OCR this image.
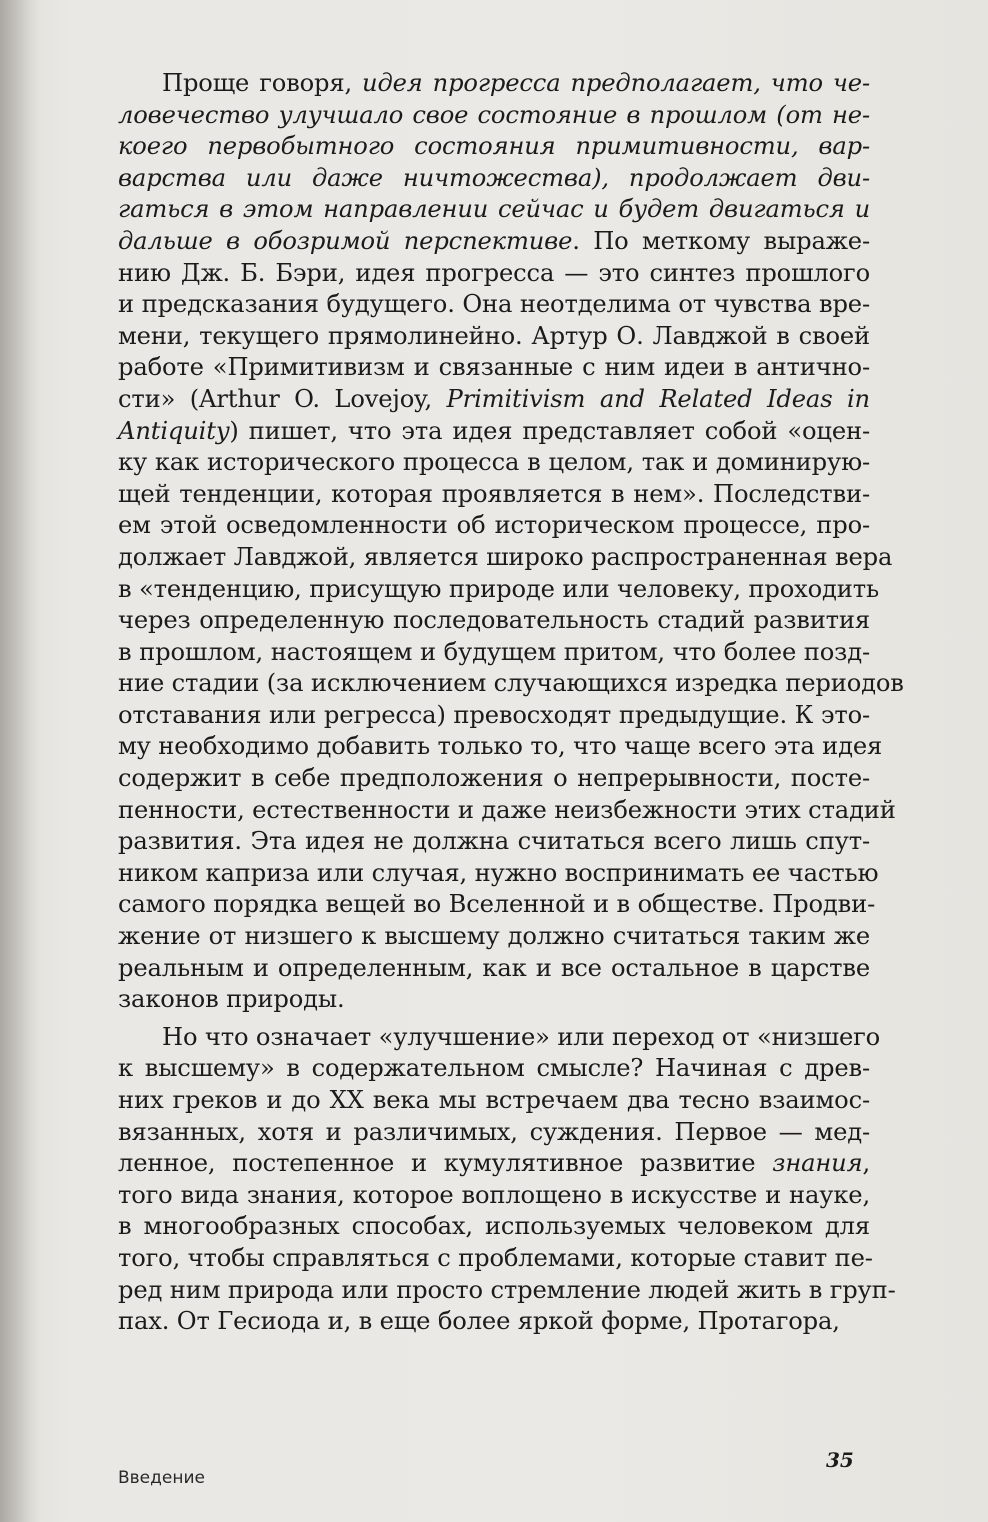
Проще говоря, идея прогресса предполагает, что че-
ловечество улучшало свое состояние в прошлом (от не-
коего первобытного состояния примитивности, вар-
варства или даже ничтожества), продолжает дви-
гаться в этом направлении сейчас и будет двигаться и
дальше в обозримой перспективе. По меткому выраже-
нию Дж. Б. Бэри, идея прогресса — это синтез прошлого
и предсказания будущего. Она неотделима от чувства вре-
мени, текущего прямолинейно. Артур О. Лавджой в своей
работе «Примитивизм и связанные с ним идеи в антично-
сти» (Arthur O. Lovejoy, Primitivism and Related Ideas in
Antiquity) пишет, что эта идея представляет собой «оцен-
ку как исторического процесса в целом, так и доминирую-
щей тенденции, которая проявляется в нем». Последстви-
ем этой осведомленности об историческом процессе, про-
должает Лавджой, является широко распространенная вера
в «тенденцию, присущую природе или человеку, проходить
через определенную последовательность стадий развития
в прошлом, настоящем и будущем притом, что более позд-
ние стадии (за исключением случающихся изредка периодов
отставания или регресса) превосходят предыдущие. К это-
му необходимо добавить только то, что чаще всего эта идея
содержит в себе предположения о непрерывности, посте-
пенности, естественности и даже неизбежности этих стадий
развития. Эта идея не должна считаться всего лишь спут-
ником каприза или случая, нужно воспринимать ее частью
самого порядка вещей во Вселенной и в обществе. Продви-
жение от низшего к высшему должно считаться таким же
реальным и определенным, как и все остальное в царстве
законов природы.
Но что означает «улучшение» или переход от «низшего
к высшему» в содержательном смысле? Начиная с древ-
них греков и до XX века мы встречаем два тесно взаимос-
вязанных, хотя и различимых, суждения. Первое — мед-
ленное, постепенное и кумулятивное развитие знания,
того вида знания, которое воплощено в искусстве и науке,
в многообразных способах, используемых человеком для
того, чтобы справляться с проблемами, которые ставит пе-
ред ним природа или просто стремление людей жить в груп-
пах. От Гесиода и, в еще более яркой форме, Протагора,
Введение
35
